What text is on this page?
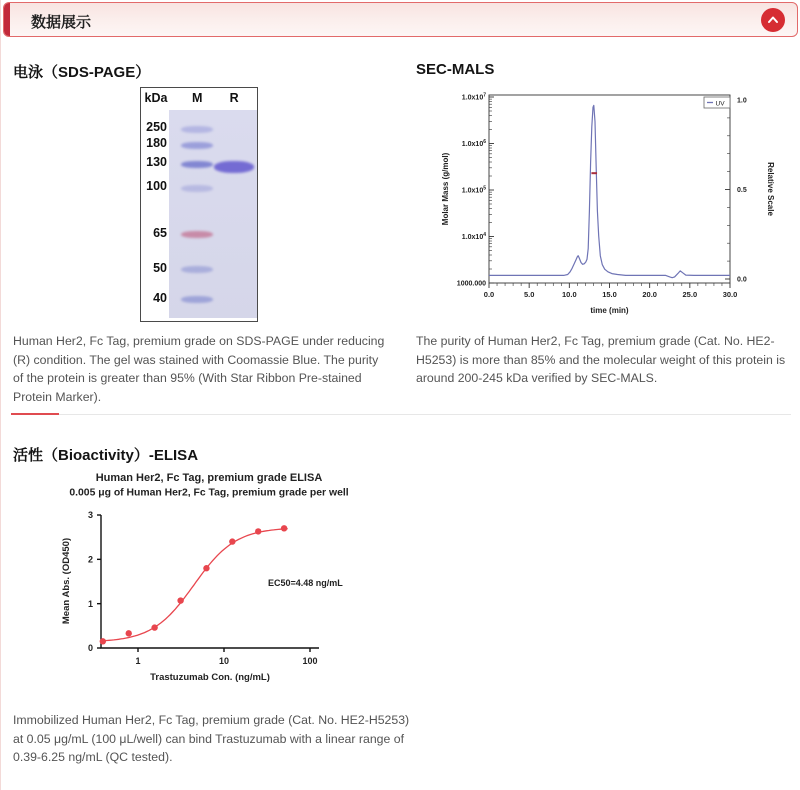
数据展示
电泳（SDS-PAGE）
kDa	M	R
250
180
130
100
65
50
40

Human Her2, Fc Tag, premium grade on SDS-PAGE under reducing (R) condition. The gel was stained with Coomassie Blue. The purity of the protein is greater than 95% (With Star Ribbon Pre-stained Protein Marker).

SEC-MALS
$1.0x10^7$
$1.0x10^6$
$1.0x10^5$
$1.0x10^4$
1000.000
1.0
0.5
0.0
0.0	5.0	10.0	15.0	20.0	25.0	30.0
Molar Mass (g/mol)	Relative Scale
time (min)
UV

The purity of Human Her2, Fc Tag, premium grade (Cat. No. HE2-H5253) is more than 85% and the molecular weight of this protein is around 200-245 kDa verified by SEC-MALS.

活性（Bioactivity）-ELISA
Human Her2, Fc Tag, premium grade ELISA
0.005 μg of Human Her2, Fc Tag, premium grade per well
0
1
2
3
1	10	100
Mean Abs. (OD450)
Trastuzumab Con. (ng/mL)
EC50=4.48 ng/mL

Immobilized Human Her2, Fc Tag, premium grade (Cat. No. HE2-H5253) at 0.05 μg/mL (100 μL/well) can bind Trastuzumab with a linear range of 0.39-6.25 ng/mL (QC tested).
